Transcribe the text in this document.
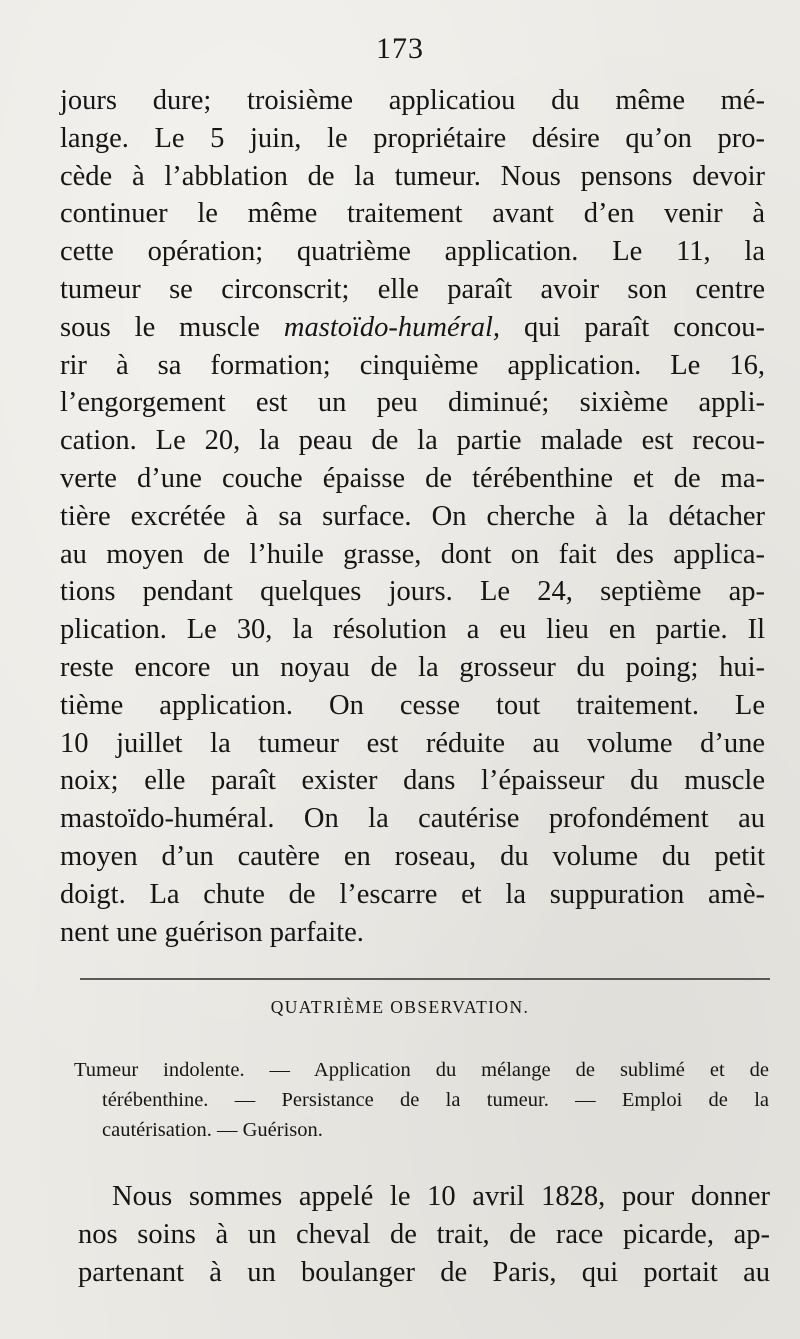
173
jours dure; troisième applicatiou du même mé-
lange. Le 5 juin, le propriétaire désire qu’on pro-
cède à l’abblation de la tumeur. Nous pensons devoir
continuer le même traitement avant d’en venir à
cette opération; quatrième application. Le 11, la
tumeur se circonscrit; elle paraît avoir son centre
sous le muscle mastoïdo-huméral, qui paraît concou-
rir à sa formation; cinquième application. Le 16,
l’engorgement est un peu diminué; sixième appli-
cation. Le 20, la peau de la partie malade est recou-
verte d’une couche épaisse de térébenthine et de ma-
tière excrétée à sa surface. On cherche à la détacher
au moyen de l’huile grasse, dont on fait des applica-
tions pendant quelques jours. Le 24, septième ap-
plication. Le 30, la résolution a eu lieu en partie. Il
reste encore un noyau de la grosseur du poing; hui-
tième application. On cesse tout traitement. Le
10 juillet la tumeur est réduite au volume d’une
noix; elle paraît exister dans l’épaisseur du muscle
mastoïdo-huméral. On la cautérise profondément au
moyen d’un cautère en roseau, du volume du petit
doigt. La chute de l’escarre et la suppuration amè-
nent une guérison parfaite.
QUATRIÈME OBSERVATION.
Tumeur indolente. — Application du mélange de sublimé et de
térébenthine. — Persistance de la tumeur. — Emploi de la
cautérisation. — Guérison.
Nous sommes appelé le 10 avril 1828, pour donner
nos soins à un cheval de trait, de race picarde, ap-
partenant à un boulanger de Paris, qui portait au
